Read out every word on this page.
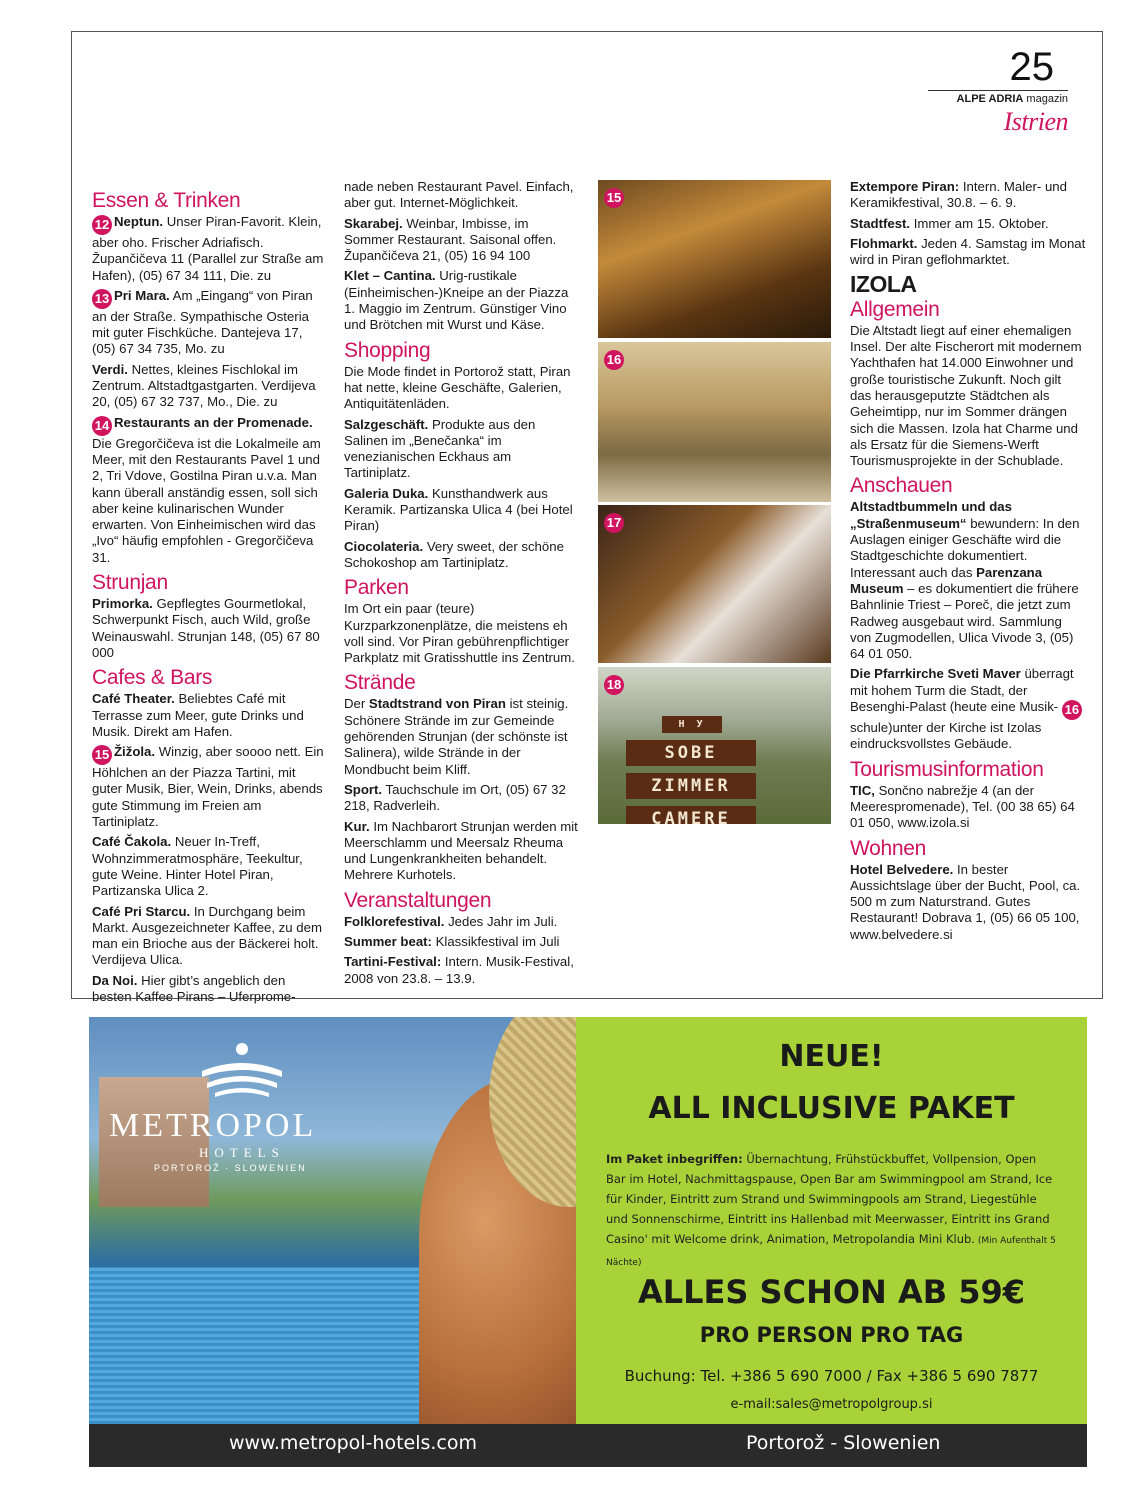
25
ALPE ADRIA magazin
Istrien
Essen & Trinken

12 Neptun. Unser Piran-Favorit. Klein, aber oho. Frischer Adriafisch. Župančičeva 11 (Parallel zur Straße am Hafen), (05) 67 34 111, Die. zu

13 Pri Mara. Am „Eingang“ von Piran an der Straße. Sympathische Osteria mit guter Fischküche. Dantejeva 17, (05) 67 34 735, Mo. zu

Verdi. Nettes, kleines Fischlokal im Zentrum. Altstadtgastgarten. Verdijeva 20, (05) 67 32 737, Mo., Die. zu

14 Restaurants an der Promenade. Die Gregorčičeva ist die Lokalmeile am Meer, mit den Restaurants Pavel 1 und 2, Tri Vdove, Gostilna Piran u.v.a. Man kann überall anständig essen, soll sich aber keine kulinarischen Wunder erwarten. Von Einheimischen wird das „Ivo“ häufig empfohlen - Gregorčičeva 31.

Strunjan

Primorka. Gepflegtes Gourmetlokal, Schwerpunkt Fisch, auch Wild, große Weinauswahl. Strunjan 148, (05) 67 80 000

Cafes & Bars

Café Theater. Beliebtes Café mit Terrasse zum Meer, gute Drinks und Musik. Direkt am Hafen.

15 Žižola. Winzig, aber soooo nett. Ein Höhlchen an der Piazza Tartini, mit guter Musik, Bier, Wein, Drinks, abends gute Stimmung im Freien am Tartiniplatz.

Café Čakola. Neuer In-Treff, Wohnzimmeratmosphäre, Teekultur, gute Weine. Hinter Hotel Piran, Partizanska Ulica 2.

Café Pri Starcu. In Durchgang beim Markt. Ausgezeichneter Kaffee, zu dem man ein Brioche aus der Bäckerei holt. Verdijeva Ulica.

Da Noi. Hier gibt’s angeblich den besten Kaffee Pirans – Uferprome-

nade neben Restaurant Pavel. Einfach, aber gut. Internet-Möglichkeit.

Skarabej. Weinbar, Imbisse, im Sommer Restaurant. Saisonal offen. Župančičeva 21, (05) 16 94 100

Klet – Cantina. Urig-rustikale (Einheimischen-)Kneipe an der Piazza 1. Maggio im Zentrum. Günstiger Vino und Brötchen mit Wurst und Käse.

Shopping

Die Mode findet in Portorož statt, Piran hat nette, kleine Geschäfte, Galerien, Antiquitätenläden.

Salzgeschäft. Produkte aus den Salinen im „Benečanka“ im venezianischen Eckhaus am Tartiniplatz.

Galeria Duka. Kunsthandwerk aus Keramik. Partizanska Ulica 4 (bei Hotel Piran)

Ciocolateria. Very sweet, der schöne Schokoshop am Tartiniplatz.

Parken

Im Ort ein paar (teure) Kurzparkzonenplätze, die meistens eh voll sind. Vor Piran gebührenpflichtiger Parkplatz mit Gratisshuttle ins Zentrum.

Strände

Der Stadtstrand von Piran ist steinig. Schönere Strände im zur Gemeinde gehörenden Strunjan (der schönste ist Salinera), wilde Strände in der Mondbucht beim Kliff.

Sport. Tauchschule im Ort, (05) 67 32 218, Radverleih.

Kur. Im Nachbarort Strunjan werden mit Meerschlamm und Meersalz Rheuma und Lungenkrankheiten behandelt. Mehrere Kurhotels.

Veranstaltungen

Folklorefestival. Jedes Jahr im Juli.

Summer beat: Klassikfestival im Juli

Tartini-Festival: Intern. Musik-Festival, 2008 von 23.8. – 13.9.

15
16
17
18
Н У
SOBE
ZIMMER
CAMERE

Extempore Piran: Intern. Maler- und Keramikfestival, 30.8. – 6. 9.

Stadtfest. Immer am 15. Oktober.

Flohmarkt. Jeden 4. Samstag im Monat wird in Piran geflohmarktet.

IZOLA
Allgemein

Die Altstadt liegt auf einer ehemaligen Insel. Der alte Fischerort mit modernem Yachthafen hat 14.000 Einwohner und große touristische Zukunft. Noch gilt das herausgeputzte Städtchen als Geheimtipp, nur im Sommer drängen sich die Massen. Izola hat Charme und als Ersatz für die Siemens-Werft Tourismusprojekte in der Schublade.

Anschauen

Altstadtbummeln und das „Straßenmuseum“ bewundern: In den Auslagen einiger Geschäfte wird die Stadtgeschichte dokumentiert. Interessant auch das Parenzana Museum – es dokumentiert die frühere Bahnlinie Triest – Poreč, die jetzt zum Radweg ausgebaut wird. Sammlung von Zugmodellen, Ulica Vivode 3, (05) 64 01 050.

Die Pfarrkirche Sveti Maver überragt mit hohem Turm die Stadt, der Besenghi-Palast (heute eine Musik- 16schule)unter der Kirche ist Izolas eindrucksvollstes Gebäude.

Tourismusinformation

TIC, Sončno nabrežje 4 (an der Meerespromenade), Tel. (00 38 65) 64 01 050, www.izola.si

Wohnen

Hotel Belvedere. In bester Aussichtslage über der Bucht, Pool, ca. 500 m zum Naturstrand. Gutes Restaurant! Dobrava 1, (05) 66 05 100, www.belvedere.si

METROPOL
HOTELS
PORTOROŽ · SLOWENIEN
NEUE!
ALL INCLUSIVE PAKET
Im Paket inbegriffen: Übernachtung, Frühstückbuffet, Vollpension, Open Bar im Hotel, Nachmittagspause, Open Bar am Swimmingpool am Strand, Ice für Kinder, Eintritt zum Strand und Swimmingpools am Strand, Liegestühle und Sonnenschirme, Eintritt ins Hallenbad mit Meerwasser, Eintritt ins Grand Casino' mit Welcome drink, Animation, Metropolandia Mini Klub. (Min Aufenthalt 5 Nächte)
ALLES SCHON AB 59€
PRO PERSON PRO TAG
Buchung: Tel. +386 5 690 7000 / Fax +386 5 690 7877
e-mail:sales@metropolgroup.si
www.metropol-hotels.com	Portorož - Slowenien
